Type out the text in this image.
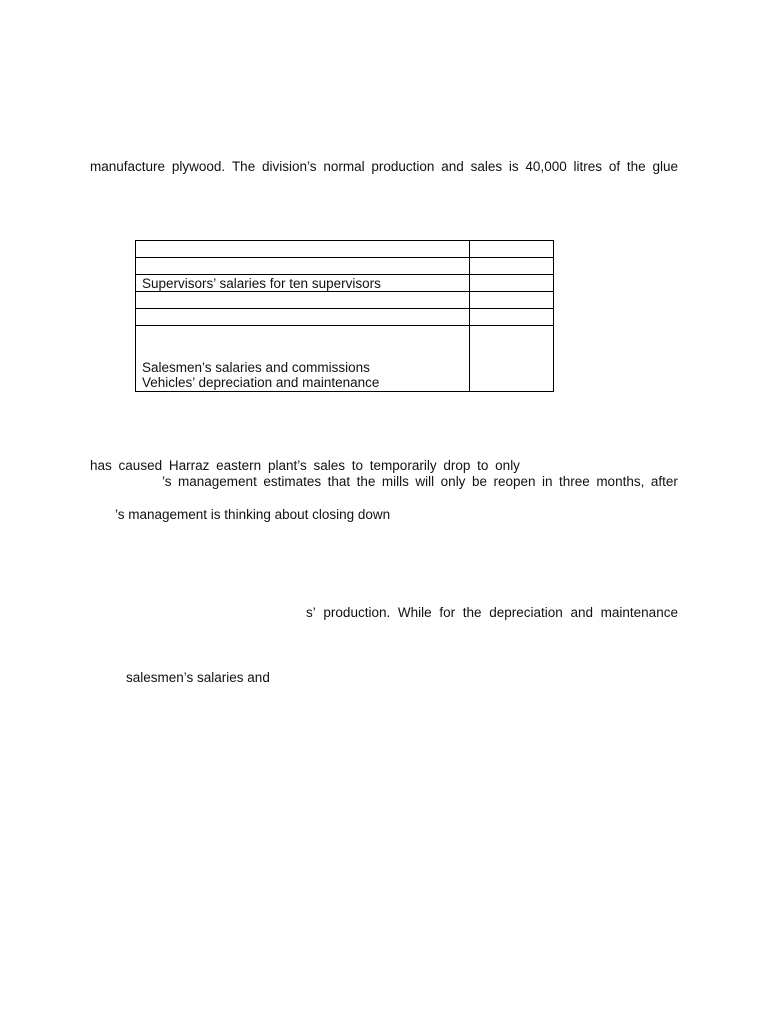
manufacture plywood. The division’s normal production and sales is 40,000 litres of the glue

Supervisors’ salaries for ten supervisors	

Salesmen’s salaries and commissions
Vehicles’ depreciation and maintenance	

has caused Harraz eastern plant’s sales to temporarily drop to only
’s management estimates that the mills will only be reopen in three months, after
’s management is thinking about closing down
s’ production. While for the depreciation and maintenance
salesmen’s salaries and
